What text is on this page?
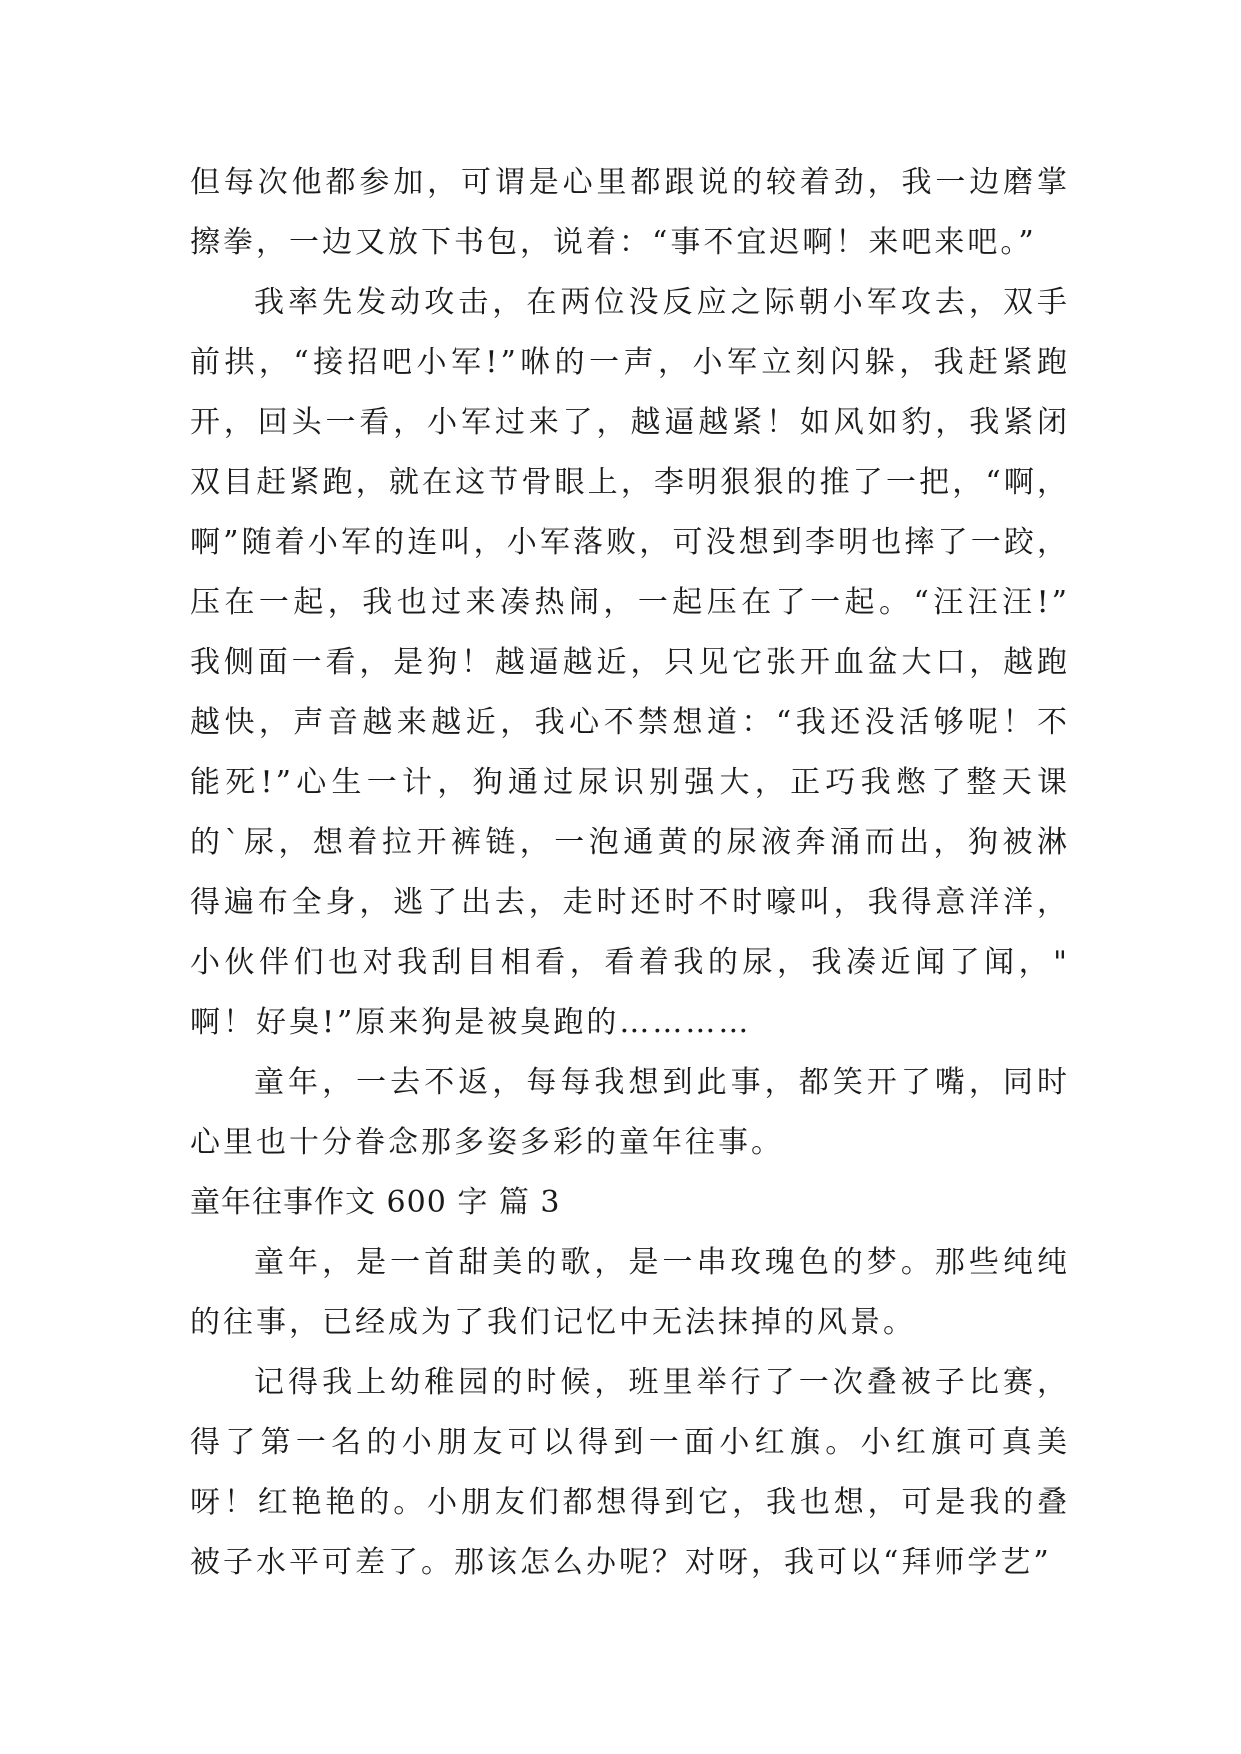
但每次他都参加，可谓是心里都跟说的较着劲，我一边磨掌
擦拳，一边又放下书包，说着：“事不宜迟啊！来吧来吧。”
我率先发动攻击，在两位没反应之际朝小军攻去，双手
前拱，“接招吧小军!”咻的一声，小军立刻闪躲，我赶紧跑
开，回头一看，小军过来了，越逼越紧！如风如豹，我紧闭
双目赶紧跑，就在这节骨眼上，李明狠狠的推了一把，“啊，
啊”随着小军的连叫，小军落败，可没想到李明也摔了一跤，
压在一起，我也过来凑热闹，一起压在了一起。“汪汪汪!”
我侧面一看，是狗！越逼越近，只见它张开血盆大口，越跑
越快，声音越来越近，我心不禁想道：“我还没活够呢！不
能死!”心生一计，狗通过尿识别强大，正巧我憋了整天课
的`尿，想着拉开裤链，一泡通黄的尿液奔涌而出，狗被淋
得遍布全身，逃了出去，走时还时不时嚎叫，我得意洋洋，
小伙伴们也对我刮目相看，看着我的尿，我凑近闻了闻，"
啊！好臭!”原来狗是被臭跑的…………
童年，一去不返，每每我想到此事，都笑开了嘴，同时
心里也十分眷念那多姿多彩的童年往事。
童年往事作文 600 字 篇 3
童年，是一首甜美的歌，是一串玫瑰色的梦。那些纯纯
的往事，已经成为了我们记忆中无法抹掉的风景。
记得我上幼稚园的时候，班里举行了一次叠被子比赛，
得了第一名的小朋友可以得到一面小红旗。小红旗可真美
呀！红艳艳的。小朋友们都想得到它，我也想，可是我的叠
被子水平可差了。那该怎么办呢？对呀，我可以“拜师学艺”
